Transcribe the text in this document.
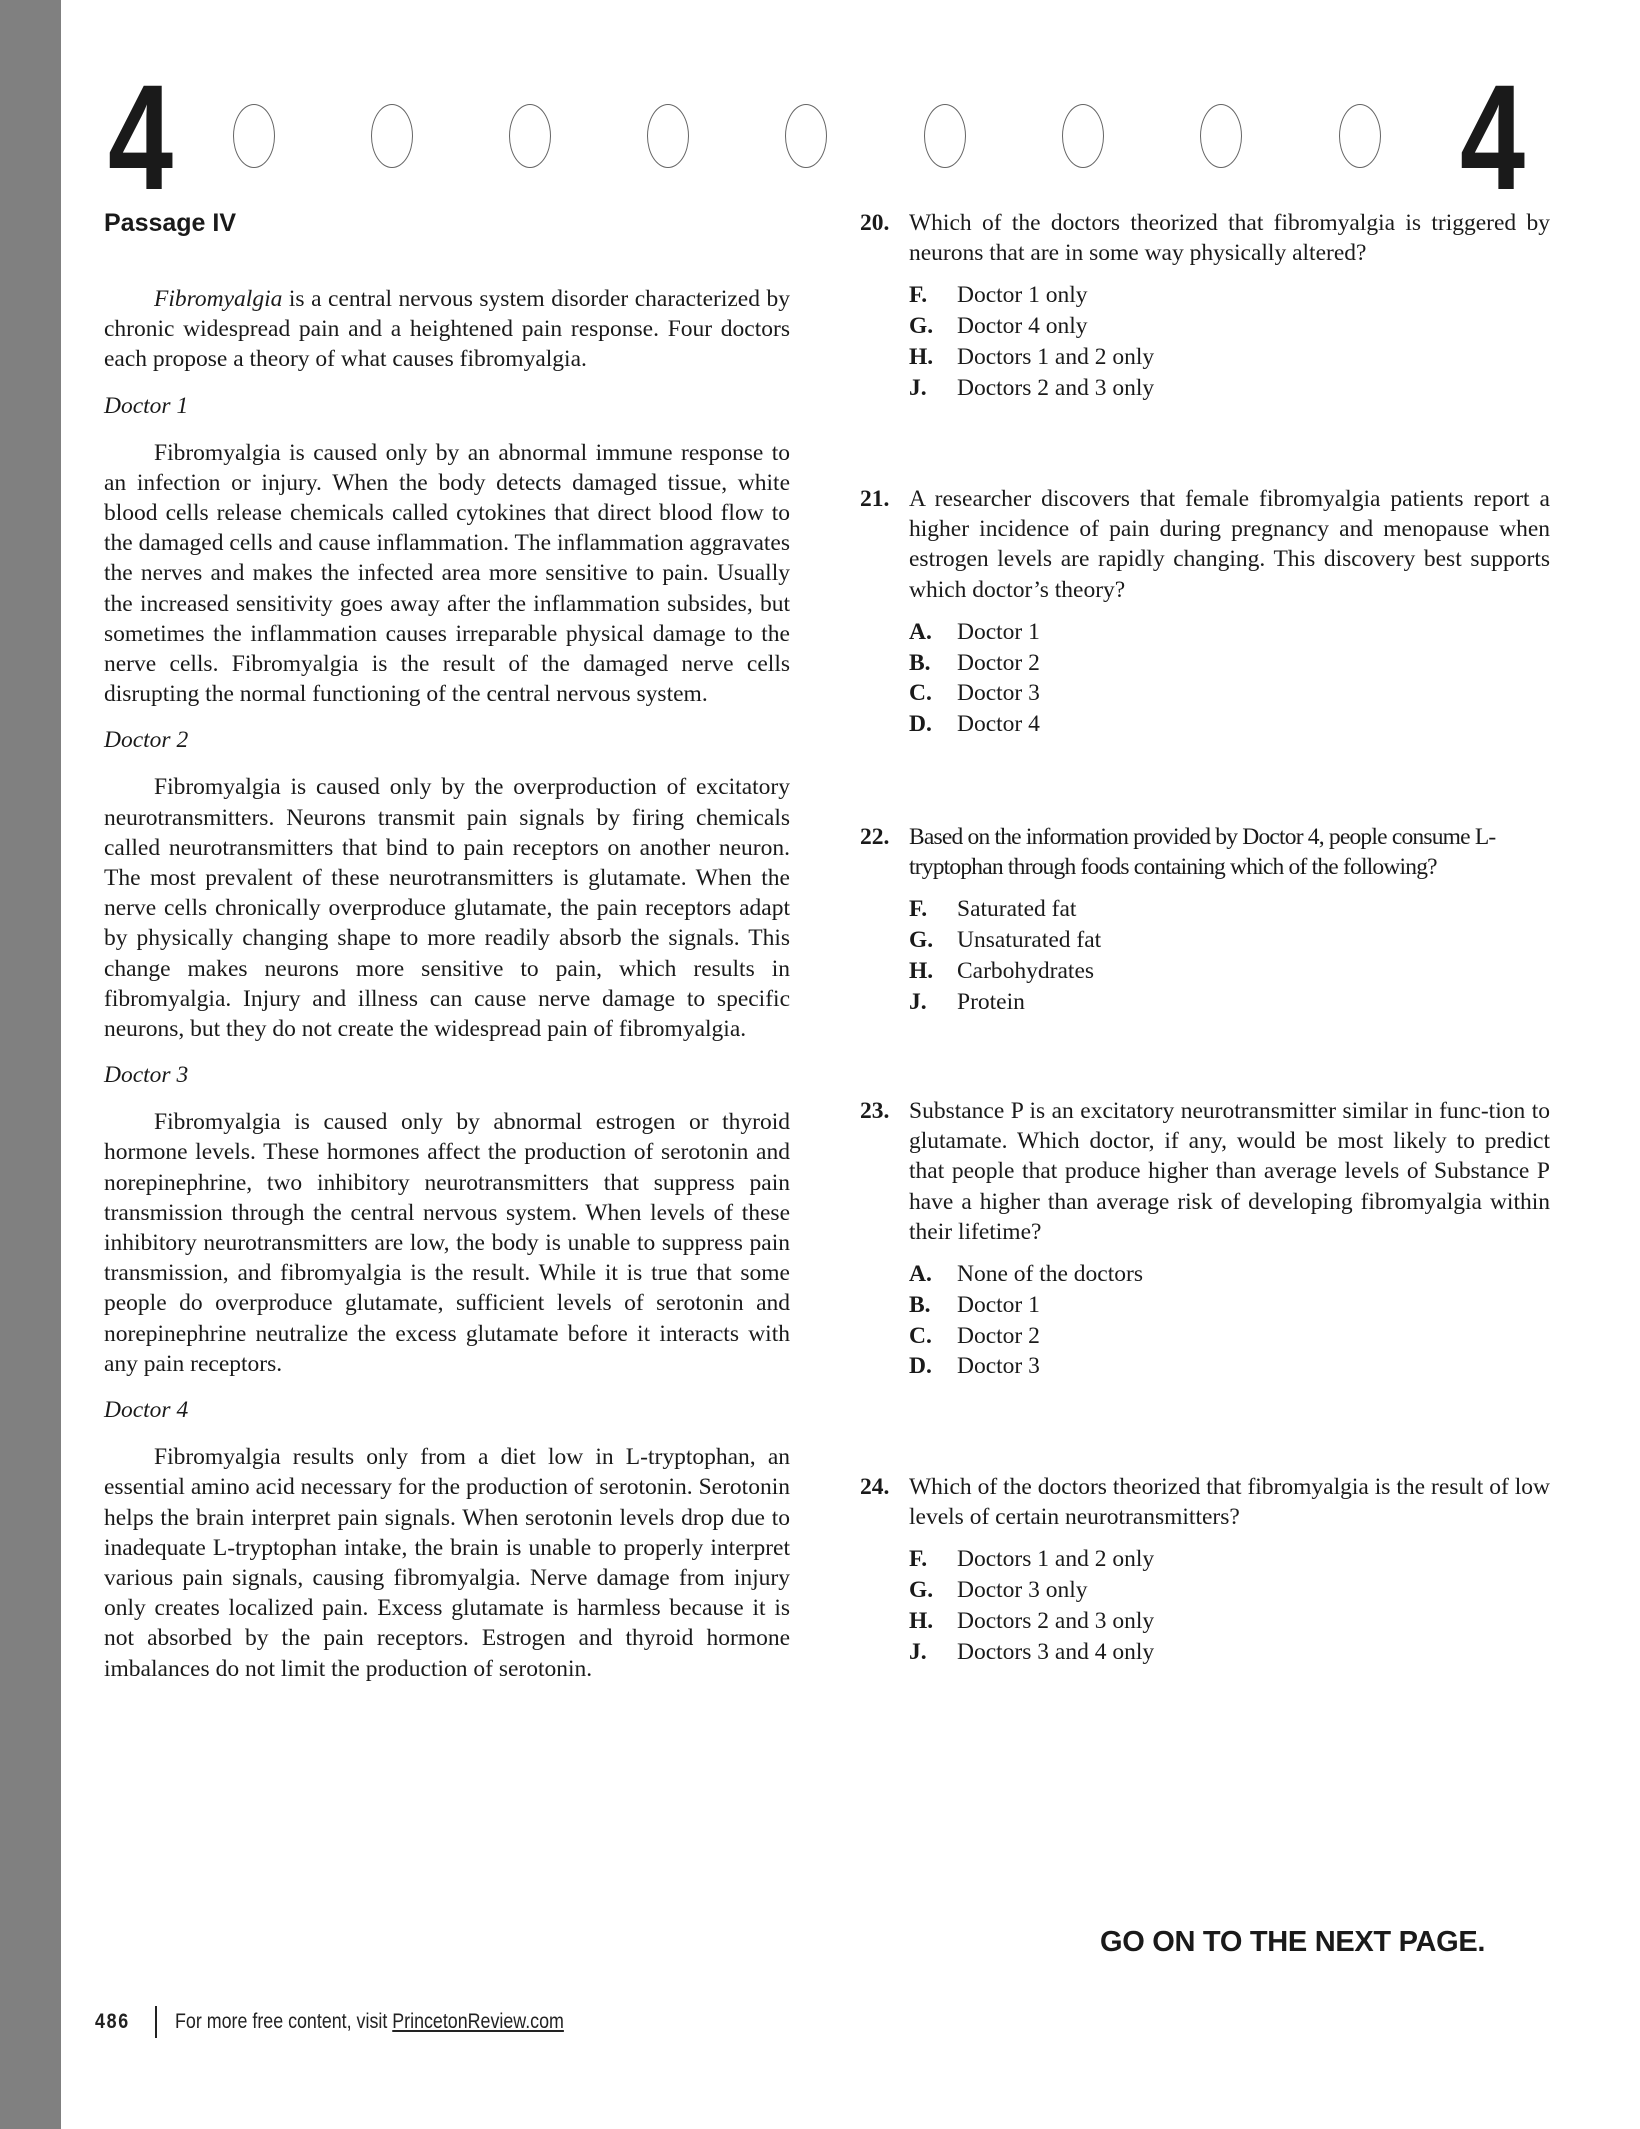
4	4
Passage IV

Fibromyalgia is a central nervous system disorder characterized by chronic widespread pain and a heightened pain response. Four doctors each propose a theory of what causes fibromyalgia.

Doctor 1

Fibromyalgia is caused only by an abnormal immune response to an infection or injury. When the body detects damaged tissue, white blood cells release chemicals called cytokines that direct blood flow to the damaged cells and cause inflammation. The inflammation aggravates the nerves and makes the infected area more sensitive to pain. Usually the increased sensitivity goes away after the inflammation subsides, but sometimes the inflammation causes irreparable physical damage to the nerve cells. Fibromyalgia is the result of the damaged nerve cells disrupting the normal functioning of the central nervous system.

Doctor 2

Fibromyalgia is caused only by the overproduction of excitatory neurotransmitters. Neurons transmit pain signals by firing chemicals called neurotransmitters that bind to pain receptors on another neuron. The most prevalent of these neurotransmitters is glutamate. When the nerve cells chronically overproduce glutamate, the pain receptors adapt by physically changing shape to more readily absorb the signals. This change makes neurons more sensitive to pain, which results in fibromyalgia. Injury and illness can cause nerve damage to specific neurons, but they do not create the widespread pain of fibromyalgia.

Doctor 3

Fibromyalgia is caused only by abnormal estrogen or thyroid hormone levels. These hormones affect the production of serotonin and norepinephrine, two inhibitory neurotransmitters that suppress pain transmission through the central nervous system. When levels of these inhibitory neurotransmitters are low, the body is unable to suppress pain transmission, and fibromyalgia is the result. While it is true that some people do overproduce glutamate, sufficient levels of serotonin and norepinephrine neutralize the excess glutamate before it interacts with any pain receptors.

Doctor 4

Fibromyalgia results only from a diet low in L-tryptophan, an essential amino acid necessary for the production of serotonin. Serotonin helps the brain interpret pain signals. When serotonin levels drop due to inadequate L-tryptophan intake, the brain is unable to properly interpret various pain signals, causing fibromyalgia. Nerve damage from injury only creates localized pain. Excess glutamate is harmless because it is not absorbed by the pain receptors. Estrogen and thyroid hormone imbalances do not limit the production of serotonin.

20. Which of the doctors theorized that fibromyalgia is triggered by neurons that are in some way physically altered?
F.	Doctor 1 only
G.	Doctor 4 only
H.	Doctors 1 and 2 only
J.	Doctors 2 and 3 only
21. A researcher discovers that female fibromyalgia patients report a higher incidence of pain during pregnancy and menopause when estrogen levels are rapidly changing. This discovery best supports which doctor’s theory?
A.	Doctor 1
B.	Doctor 2
C.	Doctor 3
D.	Doctor 4
22. Based on the information provided by Doctor 4, people consume L-tryptophan through foods containing which of the following?
F.	Saturated fat
G.	Unsaturated fat
H.	Carbohydrates
J.	Protein
23. Substance P is an excitatory neurotransmitter similar in func-tion to glutamate. Which doctor, if any, would be most likely to predict that people that produce higher than average levels of Substance P have a higher than average risk of developing fibromyalgia within their lifetime?
A.	None of the doctors
B.	Doctor 1
C.	Doctor 2
D.	Doctor 3
24. Which of the doctors theorized that fibromyalgia is the result of low levels of certain neurotransmitters?
F.	Doctors 1 and 2 only
G.	Doctor 3 only
H.	Doctors 2 and 3 only
J.	Doctors 3 and 4 only
GO ON TO THE NEXT PAGE.
486	For more free content, visit PrincetonReview.com
